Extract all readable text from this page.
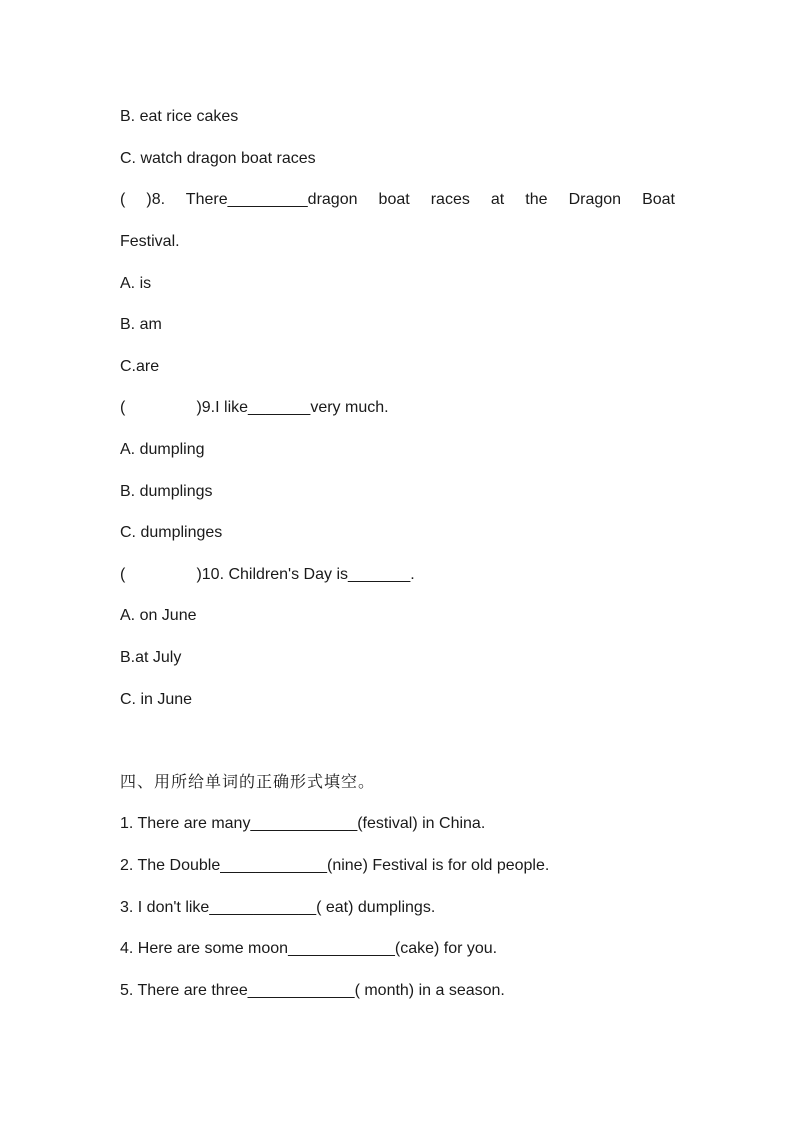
B. eat rice cakes
C. watch dragon boat races
( )8. There_________dragon boat races at the Dragon Boat
Festival.
A. is
B. am
C.are
(                )9.I like_______very much.
A. dumpling
B. dumplings
C. dumplinges
(                )10. Children's Day is_______.
A. on June
B.at July
C. in June
四、用所给单词的正确形式填空。
1. There are many____________(festival) in China.
2. The Double____________(nine) Festival is for old people.
3. I don't like____________( eat) dumplings.
4. Here are some moon____________(cake) for you.
5. There are three____________( month) in a season.
